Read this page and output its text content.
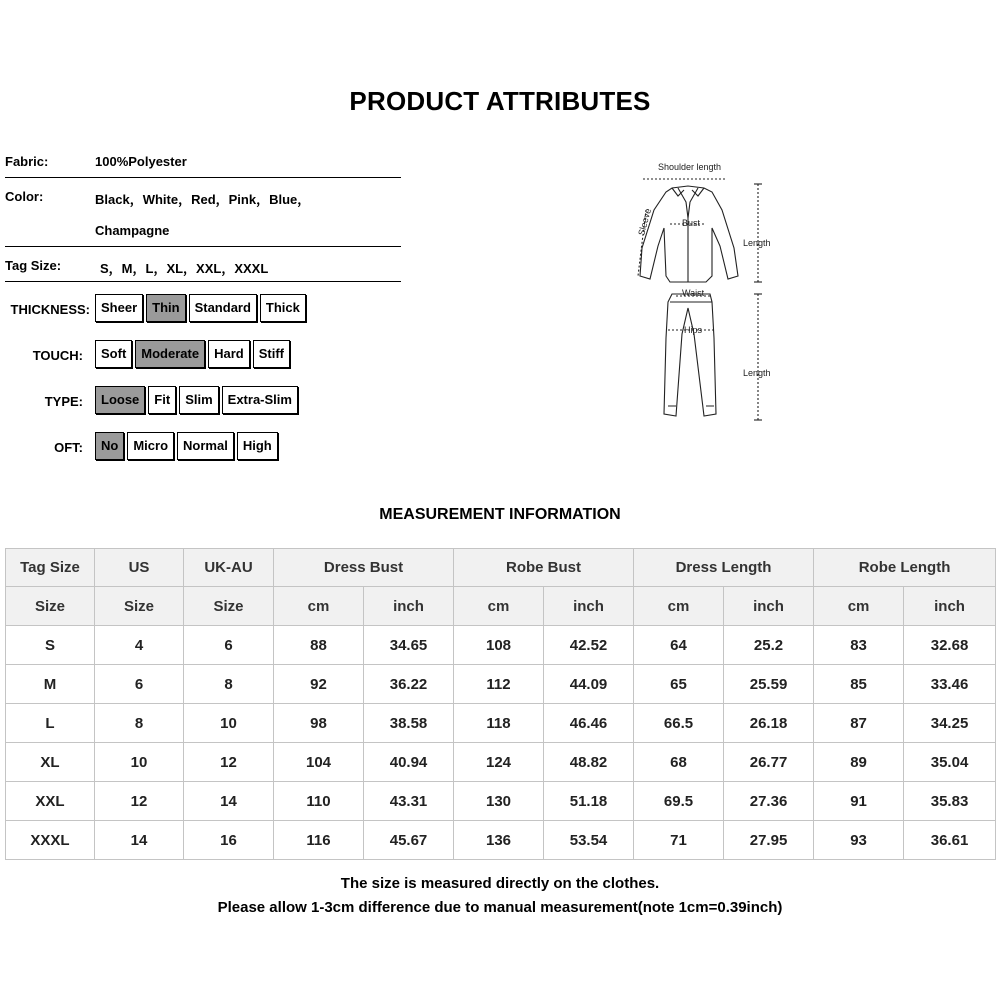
PRODUCT ATTRIBUTES
Fabric:	100%Polyester
Color:	Black，White，Red，Pink，Blue，
Champagne
Tag Size:	S，M，L，XL，XXL，XXXL
THICKNESS: Sheer	Thin	Standard	Thick
TOUCH:	Soft	Moderate	Hard	Stiff
TYPE:	Loose	Fit	Slim	Extra-Slim
OFT:	No	Micro	Normal	High
Shoulder length
Sleeve	Bust
Length
Waist
Hips
Length
MEASUREMENT INFORMATION
Tag Size	US	UK-AU	Dress Bust		Robe Bust		Dress Length		Robe Length	
Size	Size	Size	cm	inch	cm	inch	cm	inch	cm	inch
S	4	6	88	34.65	108	42.52	64	25.2	83	32.68
M	6	8	92	36.22	112	44.09	65	25.59	85	33.46
L	8	10	98	38.58	118	46.46	66.5	26.18	87	34.25
XL	10	12	104	40.94	124	48.82	68	26.77	89	35.04
XXL	12	14	110	43.31	130	51.18	69.5	27.36	91	35.83
XXXL	14	16	116	45.67	136	53.54	71	27.95	93	36.61
The size is measured directly on the clothes.
Please allow 1-3cm difference due to manual measurement(note 1cm=0.39inch)
